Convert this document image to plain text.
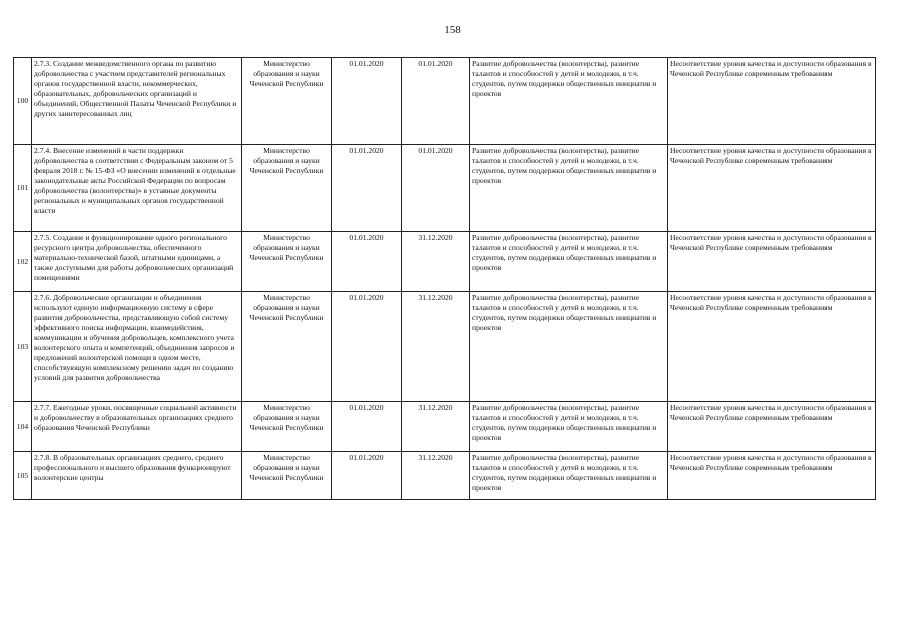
158
100	2.7.3. Создание межведомственного органа по развитию добровольчества с участием представителей региональных органов государственной власти, некоммерческих, образовательных, добровольческих организаций и объединений, Общественной Палаты Чеченской Республики и других заинтересованных лиц	Министерство образования и науки Чеченской Республики	01.01.2020	01.01.2020	Развитие добровольчества (волонтерства), развитие талантов и способностей у детей и молодежи, в т.ч. студентов, путем поддержки общественных инициатив и проектов	Несоответствие уровня качества и доступности образования в Чеченской Республике современным требованиям
101	2.7.4. Внесение изменений в части поддержки добровольчества в соответствии с Федеральным законом от 5 февраля 2018 г. № 15-ФЗ «О внесении изменений в отдельные законодательные акты Российской Федерации по вопросам добровольчества (волонтерства)» в уставные документы региональных и муниципальных органов государственной власти	Министерство образования и науки Чеченской Республики	01.01.2020	01.01.2020	Развитие добровольчества (волонтерства), развитие талантов и способностей у детей и молодежи, в т.ч. студентов, путем поддержки общественных инициатив и проектов	Несоответствие уровня качества и доступности образования в Чеченской Республике современным требованиям
102	2.7.5. Создание и функционирование одного регионального ресурсного центра добровольчества, обеспеченного материально-технической базой, штатными единицами, а также доступными для работы добровольческих организаций помещениями	Министерство образования и науки Чеченской Республики	01.01.2020	31.12.2020	Развитие добровольчества (волонтерства), развитие талантов и способностей у детей и молодежи, в т.ч. студентов, путем поддержки общественных инициатив и проектов	Несоответствие уровня качества и доступности образования в Чеченской Республике современным требованиям
103	2.7.6. Добровольческие организации и объединения используют единую информационную систему в сфере развития добровольчества, представляющую собой систему эффективного поиска информации, взаимодействия, коммуникации и обучения добровольцев, комплексного учета волонтерского опыта и компетенций, объединения запросов и предложений волонтерской помощи в одном месте, способствующую комплексному решению задач по созданию условий для развития добровольчества	Министерство образования и науки Чеченской Республики	01.01.2020	31.12.2020	Развитие добровольчества (волонтерства), развитие талантов и способностей у детей и молодежи, в т.ч. студентов, путем поддержки общественных инициатив и проектов	Несоответствие уровня качества и доступности образования в Чеченской Республике современным требованиям
104	2.7.7. Ежегодные уроки, посвященные социальной активности и добровольчеству в образовательных организациях среднего образования Чеченской Республики	Министерство образования и науки Чеченской Республики	01.01.2020	31.12.2020	Развитие добровольчества (волонтерства), развитие талантов и способностей у детей и молодежи, в т.ч. студентов, путем поддержки общественных инициатив и проектов	Несоответствие уровня качества и доступности образования в Чеченской Республике современным требованиям
105	2.7.8. В образовательных организациях среднего, среднего профессионального и высшего образования функционируют волонтерские центры	Министерство образования и науки Чеченской Республики	01.01.2020	31.12.2020	Развитие добровольчества (волонтерства), развитие талантов и способностей у детей и молодежи, в т.ч. студентов, путем поддержки общественных инициатив и проектов	Несоответствие уровня качества и доступности образования в Чеченской Республике современным требованиям
